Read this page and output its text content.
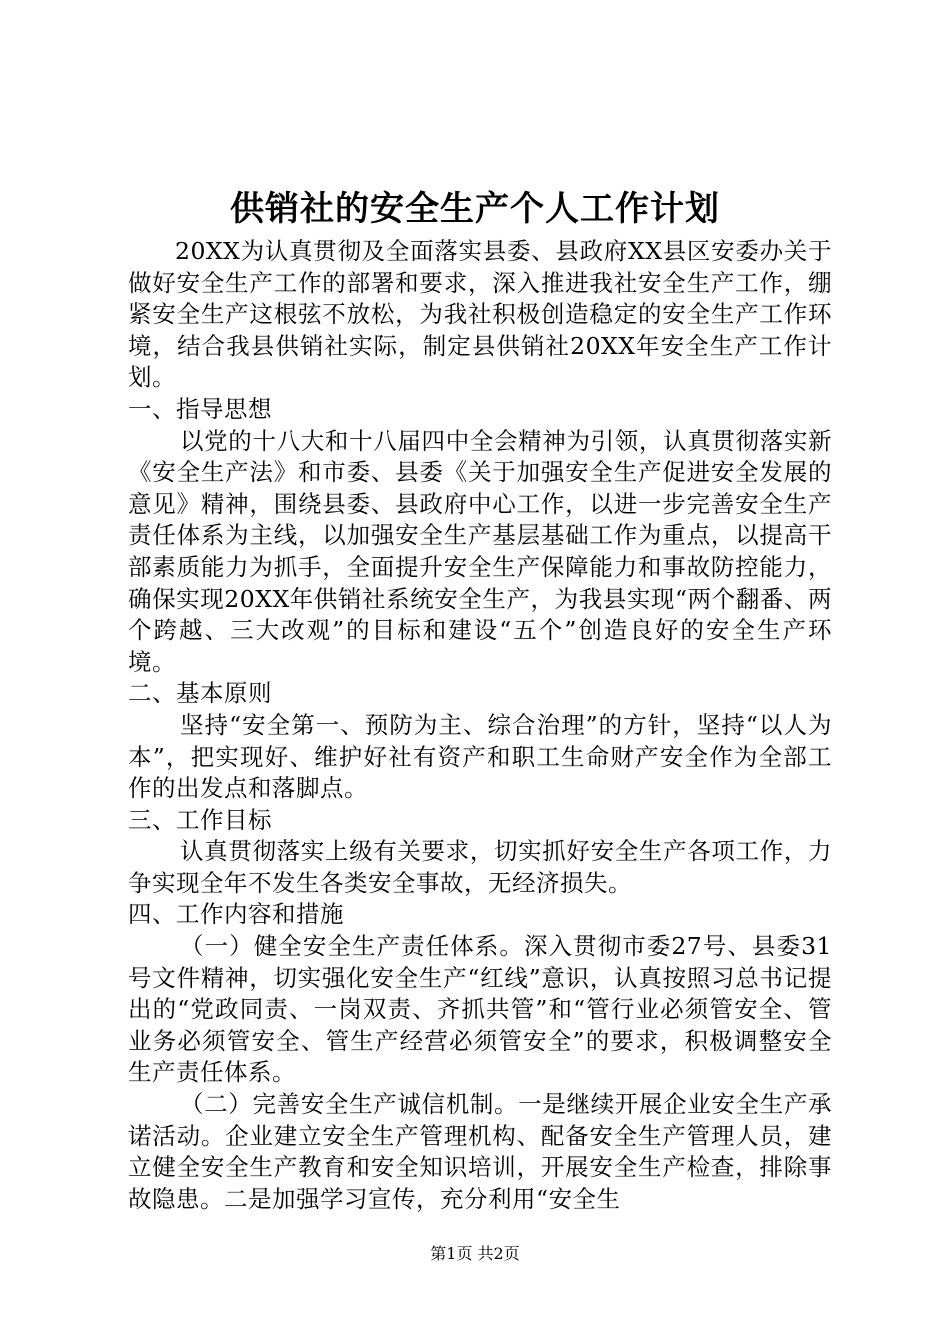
供销社的安全生产个人工作计划

20XX为认真贯彻及全面落实县委、县政府XX县区安委办关于做好安全生产工作的部署和要求，深入推进我社安全生产工作，绷紧安全生产这根弦不放松，为我社积极创造稳定的安全生产工作环境，结合我县供销社实际，制定县供销社20XX年安全生产工作计划。

一、指导思想

以党的十八大和十八届四中全会精神为引领，认真贯彻落实新《安全生产法》和市委、县委《关于加强安全生产促进安全发展的意见》精神，围绕县委、县政府中心工作，以进一步完善安全生产责任体系为主线，以加强安全生产基层基础工作为重点，以提高干部素质能力为抓手，全面提升安全生产保障能力和事故防控能力，确保实现20XX年供销社系统安全生产，为我县实现“两个翻番、两个跨越、三大改观”的目标和建设“五个”创造良好的安全生产环境。

二、基本原则

坚持“安全第一、预防为主、综合治理”的方针，坚持“以人为本”，把实现好、维护好社有资产和职工生命财产安全作为全部工作的出发点和落脚点。

三、工作目标

认真贯彻落实上级有关要求，切实抓好安全生产各项工作，力争实现全年不发生各类安全事故，无经济损失。

四、工作内容和措施

（一）健全安全生产责任体系。深入贯彻市委27号、县委31号文件精神，切实强化安全生产“红线”意识，认真按照习总书记提出的“党政同责、一岗双责、齐抓共管”和“管行业必须管安全、管业务必须管安全、管生产经营必须管安全”的要求，积极调整安全生产责任体系。

（二）完善安全生产诚信机制。一是继续开展企业安全生产承诺活动。企业建立安全生产管理机构、配备安全生产管理人员，建立健全安全生产教育和安全知识培训，开展安全生产检查，排除事故隐患。二是加强学习宣传，充分利用“安全生

第1页 共2页
